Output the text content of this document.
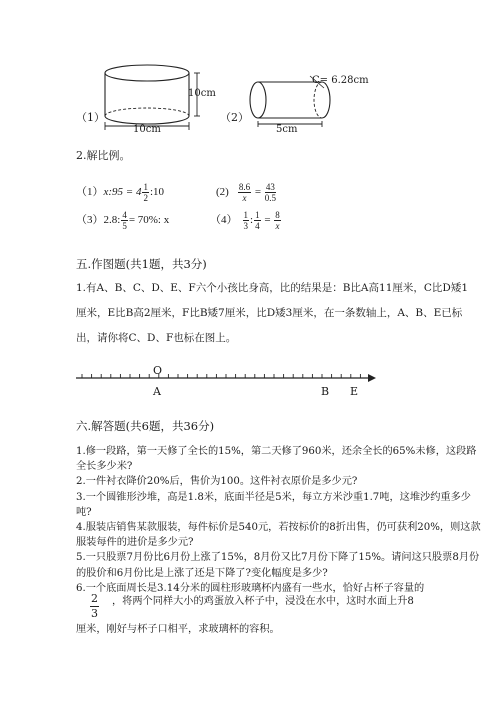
（1）
10cm
10cm
（2）
C= 6.28cm
5cm
2.解比例。
（1）x:95 = $4 \frac{1}{2}$ :10	$(2) \frac{8.6}{x} = \frac{43}{0.5}$
（3）2.8: $\frac{4}{5} = 70\%$: x	$(4) \frac{1}{3}$ : $\frac{1}{4} = \frac{8}{x}$
五.作图题(共1题，共3分)
1.有A、B、C、D、E、F六个小孩比身高，比的结果是：B比A高11厘米，C比D矮1厘米，E比B高2厘米，F比B矮7厘米，比D矮3厘米，在一条数轴上，A、B、E已标出，请你将C、D、F也标在图上。
O
A	B E
六.解答题(共6题，共36分)
1.修一段路，第一天修了全长的15%，第二天修了960米，还余全长的65%未修，这段路全长多少米?
2.一件衬衣降价20%后，售价为100。这件衬衣原价是多少元?
3.一个圆锥形沙堆，高是1.8米，底面半径是5米，每立方米沙重1.7吨，这堆沙约重多少吨?
4.服装店销售某款服装，每件标价是540元，若按标价的8折出售，仍可获利20%，则这款服装每件的进价是多少元?
5.一只股票7月份比6月份上涨了15%，8月份又比7月份下降了15%。请问这只股票8月份的股价和6月份比是上涨了还是下降了?变化幅度是多少?
6.一个底面周长是3.14分米的圆柱形玻璃杯内盛有一些水，恰好占杯子容量的
$\frac{2}{3}$ ，将两个同样大小的鸡蛋放入杯子中，浸没在水中，这时水面上升8
厘米，刚好与杯子口相平，求玻璃杯的容积。
